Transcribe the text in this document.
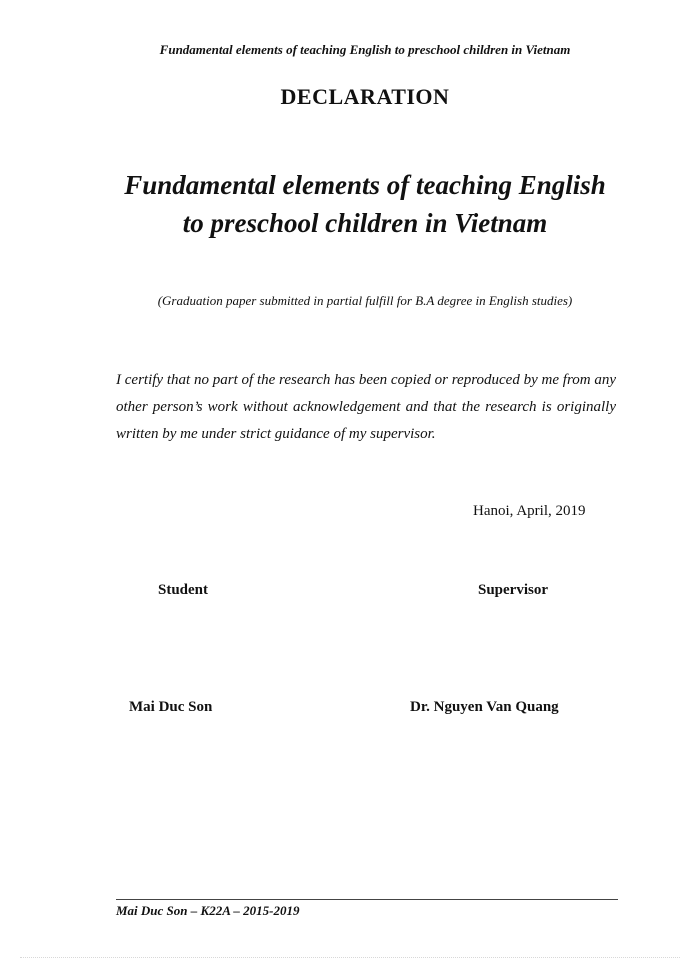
Fundamental elements of teaching English to preschool children in Vietnam
DECLARATION
Fundamental elements of teaching English
to preschool children in Vietnam
(Graduation paper submitted in partial fulfill for B.A degree in English studies)
I certify that no part of the research has been copied or reproduced by me from any other person’s work without acknowledgement and that the research is originally written by me under strict guidance of my supervisor.
Hanoi, April, 2019
Student	Supervisor
Mai Duc Son	Dr. Nguyen Van Quang
Mai Duc Son – K22A – 2015-2019
